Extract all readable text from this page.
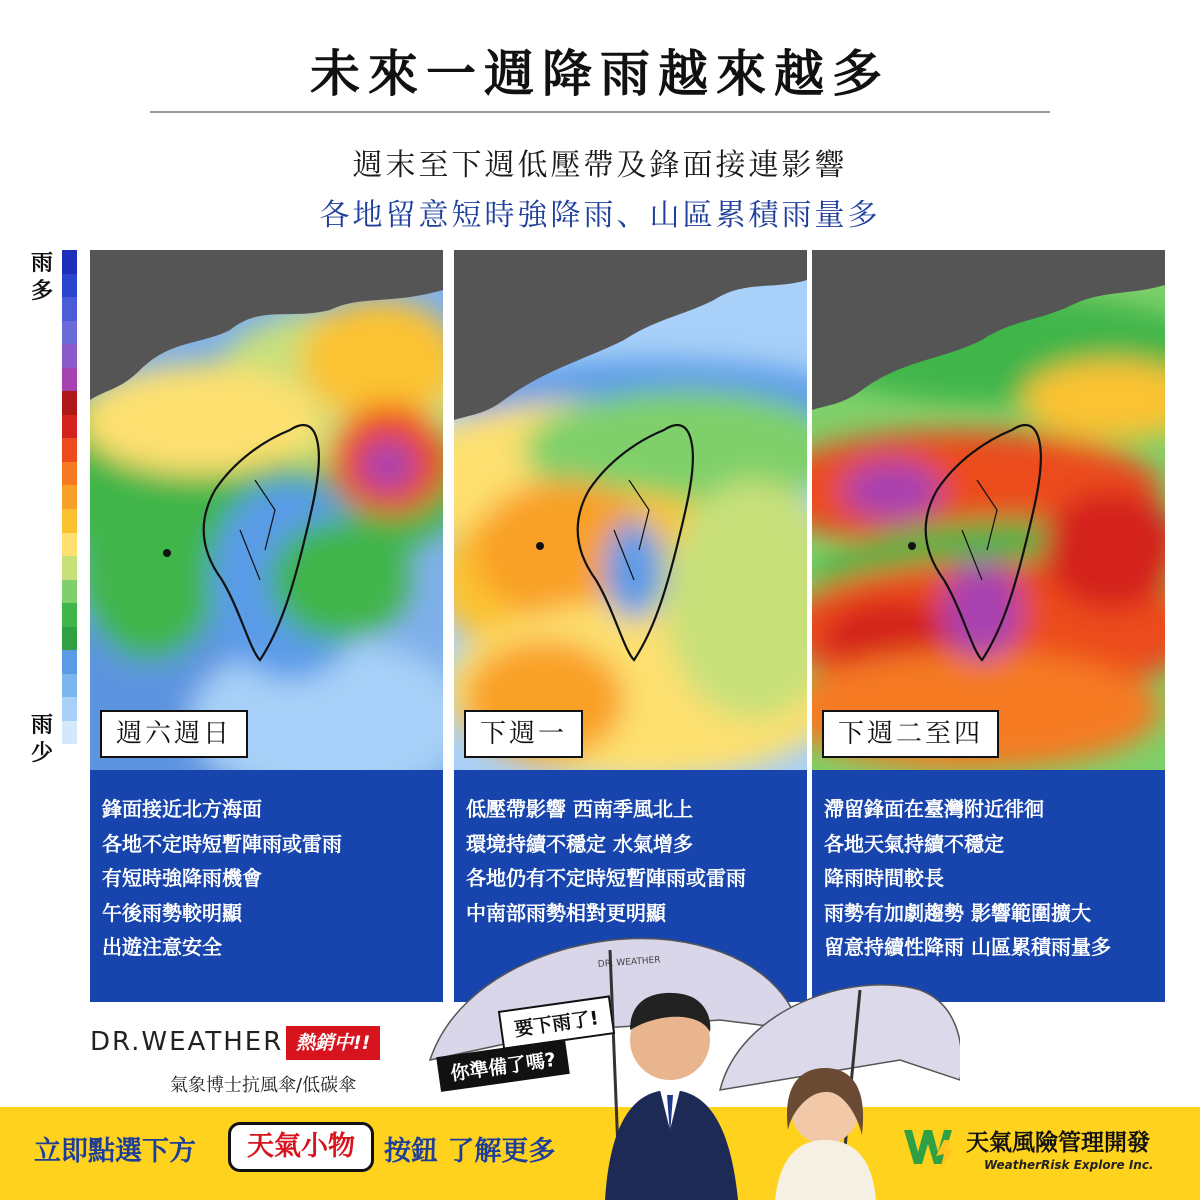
未來一週降雨越來越多
週末至下週低壓帶及鋒面接連影響
各地留意短時強降雨、山區累積雨量多
雨多
雨少
週六週日
鋒面接近北方海面
各地不定時短暫陣雨或雷雨
有短時強降雨機會
午後雨勢較明顯
出遊注意安全
下週一
低壓帶影響 西南季風北上
環境持續不穩定 水氣增多
各地仍有不定時短暫陣雨或雷雨
中南部雨勢相對更明顯
下週二至四
滯留鋒面在臺灣附近徘徊
各地天氣持續不穩定
降雨時間較長
雨勢有加劇趨勢 影響範圍擴大
留意持續性降雨 山區累積雨量多
DR.WEATHER 熱銷中!!
氣象博士抗風傘/低碳傘
DR. WEATHER
要下雨了!
你準備了嗎?
立即點選下方	天氣小物	按鈕 了解更多	天氣風險管理開發
WeatherRisk Explore Inc.
